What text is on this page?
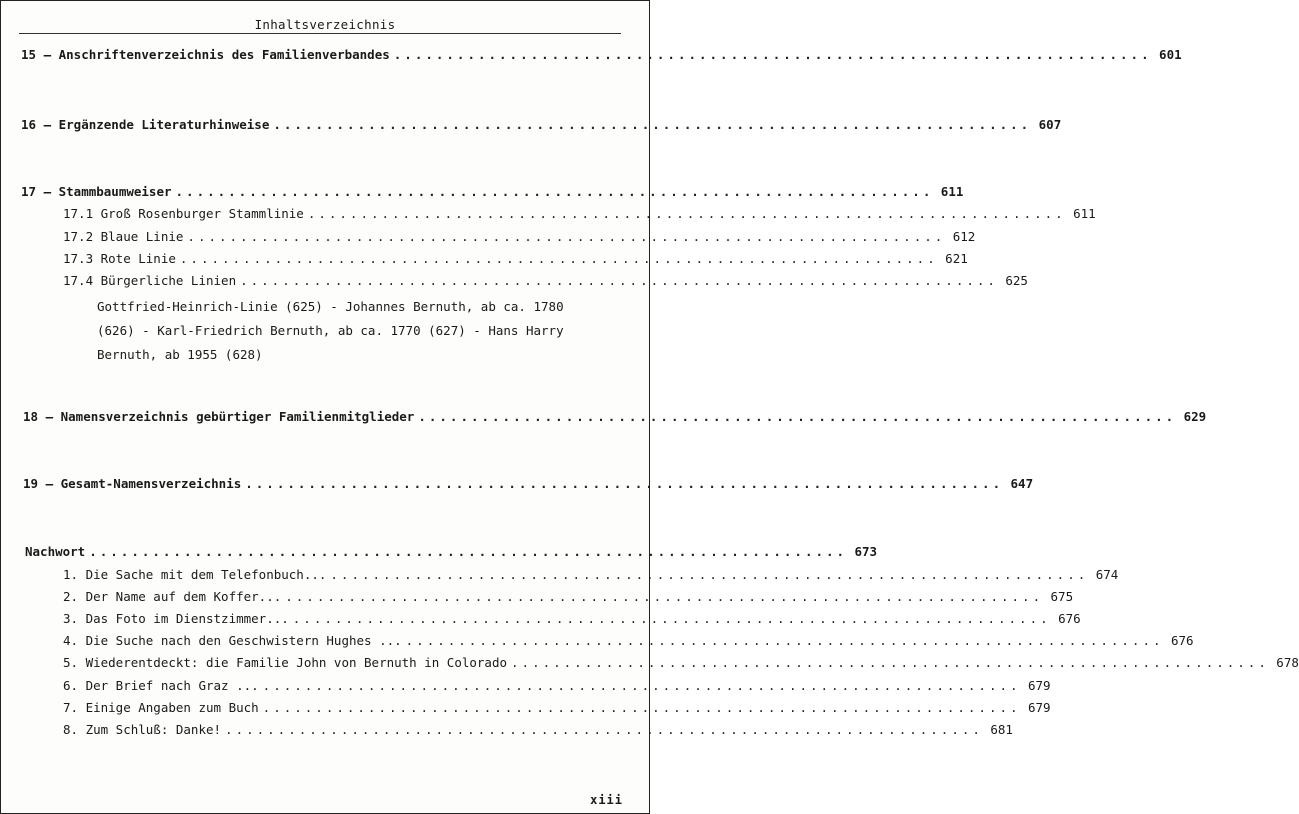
Inhaltsverzeichnis
15 – Anschriftenverzeichnis des Familienverbandes ........................................................................ 601
16 – Ergänzende Literaturhinweise ........................................................................ 607
17 – Stammbaumweiser ........................................................................ 611
17.1 Groß Rosenburger Stammlinie ........................................................................ 611
17.2 Blaue Linie ........................................................................ 612
17.3 Rote Linie ........................................................................ 621
17.4 Bürgerliche Linien ........................................................................ 625
Gottfried-Heinrich-Linie (625) - Johannes Bernuth, ab ca. 1780 (626) - Karl-Friedrich Bernuth, ab ca. 1770 (627) - Hans Harry Bernuth, ab 1955 (628)
18 – Namensverzeichnis gebürtiger Familienmitglieder ........................................................................ 629
19 – Gesamt-Namensverzeichnis ........................................................................ 647
Nachwort ........................................................................ 673
1. Die Sache mit dem Telefonbuch... ........................................................................ 674
2. Der Name auf dem Koffer... ........................................................................ 675
3. Das Foto im Dienstzimmer... ........................................................................ 676
4. Die Suche nach den Geschwistern Hughes ... ........................................................................ 676
5. Wiederentdeckt: die Familie John von Bernuth in Colorado ........................................................................ 678
6. Der Brief nach Graz ... ........................................................................ 679
7. Einige Angaben zum Buch ........................................................................ 679
8. Zum Schluß: Danke! ........................................................................ 681
xiii
